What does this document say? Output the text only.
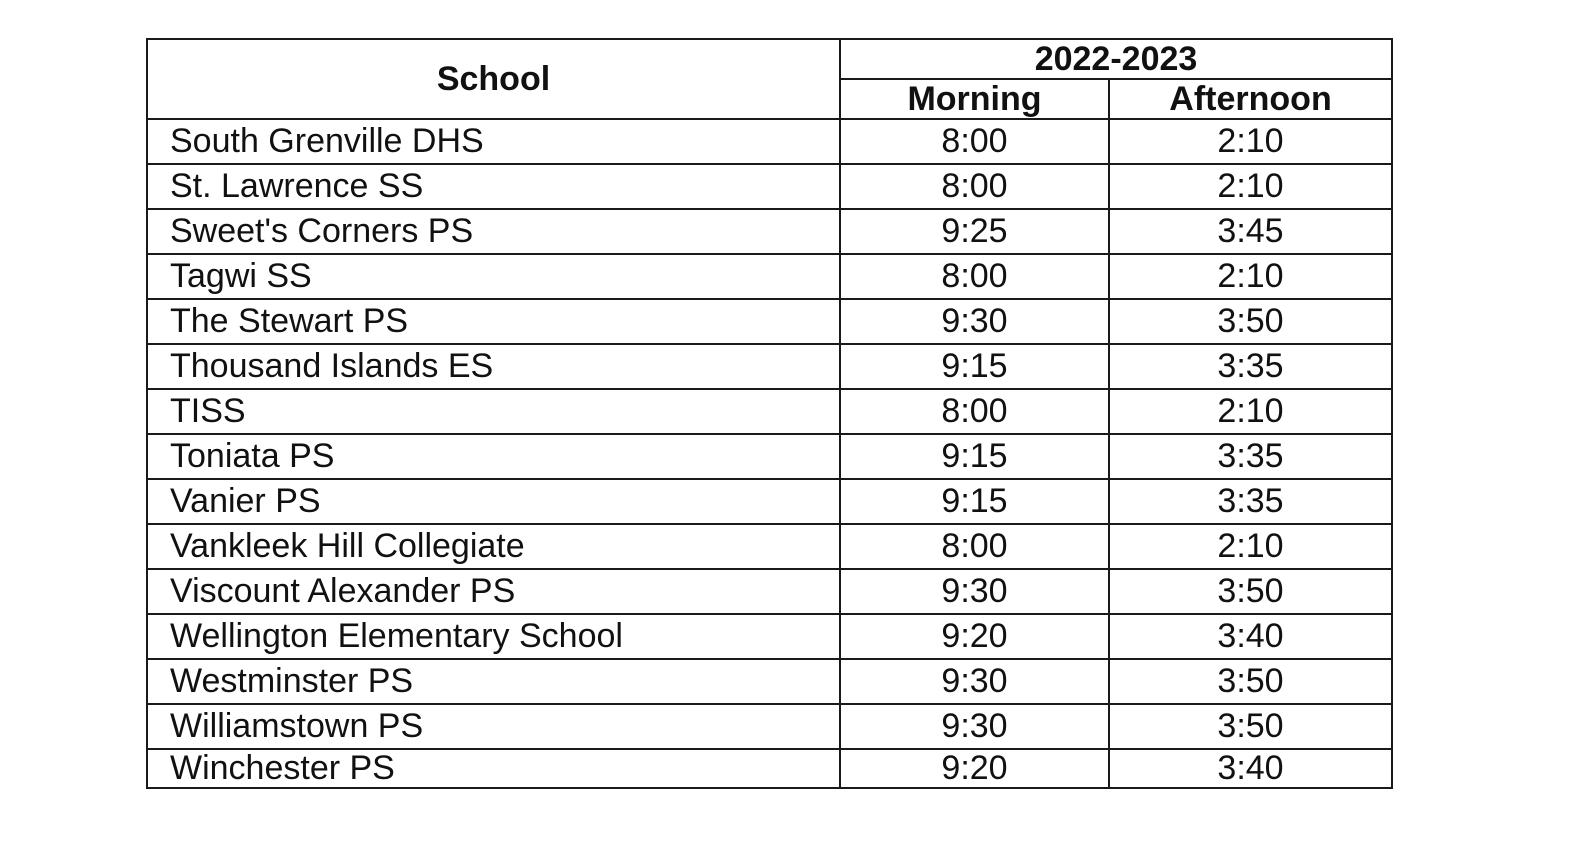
School	2022-2023	
	Morning	Afternoon
South Grenville DHS	8:00	2:10
St. Lawrence SS	8:00	2:10
Sweet's Corners PS	9:25	3:45
Tagwi SS	8:00	2:10
The Stewart PS	9:30	3:50
Thousand Islands ES	9:15	3:35
TISS	8:00	2:10
Toniata PS	9:15	3:35
Vanier PS	9:15	3:35
Vankleek Hill Collegiate	8:00	2:10
Viscount Alexander PS	9:30	3:50
Wellington Elementary School	9:20	3:40
Westminster PS	9:30	3:50
Williamstown PS	9:30	3:50
Winchester PS	9:20	3:40
